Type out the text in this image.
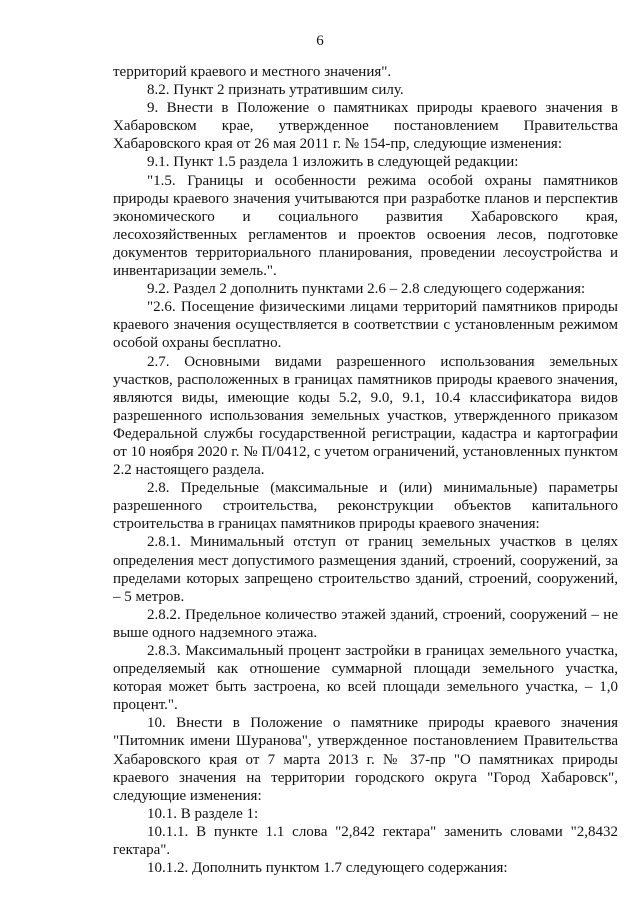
6

территорий краевого и местного значения".

8.2. Пункт 2 признать утратившим силу.

9. Внести в Положение о памятниках природы краевого значения в Хабаровском крае, утвержденное постановлением Правительства Хабаровского края от 26 мая 2011 г. № 154-пр, следующие изменения:

9.1. Пункт 1.5 раздела 1 изложить в следующей редакции:

"1.5. Границы и особенности режима особой охраны памятников природы краевого значения учитываются при разработке планов и перспектив экономического и социального развития Хабаровского края, лесохозяйственных регламентов и проектов освоения лесов, подготовке документов территориального планирования, проведении лесоустройства и инвентаризации земель.".

9.2. Раздел 2 дополнить пунктами 2.6 – 2.8 следующего содержания:

"2.6. Посещение физическими лицами территорий памятников природы краевого значения осуществляется в соответствии с установленным режимом особой охраны бесплатно.

2.7. Основными видами разрешенного использования земельных участков, расположенных в границах памятников природы краевого значения, являются виды, имеющие коды 5.2, 9.0, 9.1, 10.4 классификатора видов разрешенного использования земельных участков, утвержденного приказом Федеральной службы государственной регистрации, кадастра и картографии от 10 ноября 2020 г. № П/0412, с учетом ограничений, установленных пунктом 2.2 настоящего раздела.

2.8. Предельные (максимальные и (или) минимальные) параметры разрешенного строительства, реконструкции объектов капитального строительства в границах памятников природы краевого значения:

2.8.1. Минимальный отступ от границ земельных участков в целях определения мест допустимого размещения зданий, строений, сооружений, за пределами которых запрещено строительство зданий, строений, сооружений, – 5 метров.

2.8.2. Предельное количество этажей зданий, строений, сооружений – не выше одного надземного этажа.

2.8.3. Максимальный процент застройки в границах земельного участка, определяемый как отношение суммарной площади земельного участка, которая может быть застроена, ко всей площади земельного участка, – 1,0 процент.".

10. Внести в Положение о памятнике природы краевого значения "Питомник имени Шуранова", утвержденное постановлением Правительства Хабаровского края от 7 марта 2013 г. № 37-пр "О памятниках природы краевого значения на территории городского округа "Город Хабаровск", следующие изменения:

10.1. В разделе 1:

10.1.1. В пункте 1.1 слова "2,842 гектара" заменить словами "2,8432 гектара".

10.1.2. Дополнить пунктом 1.7 следующего содержания:
